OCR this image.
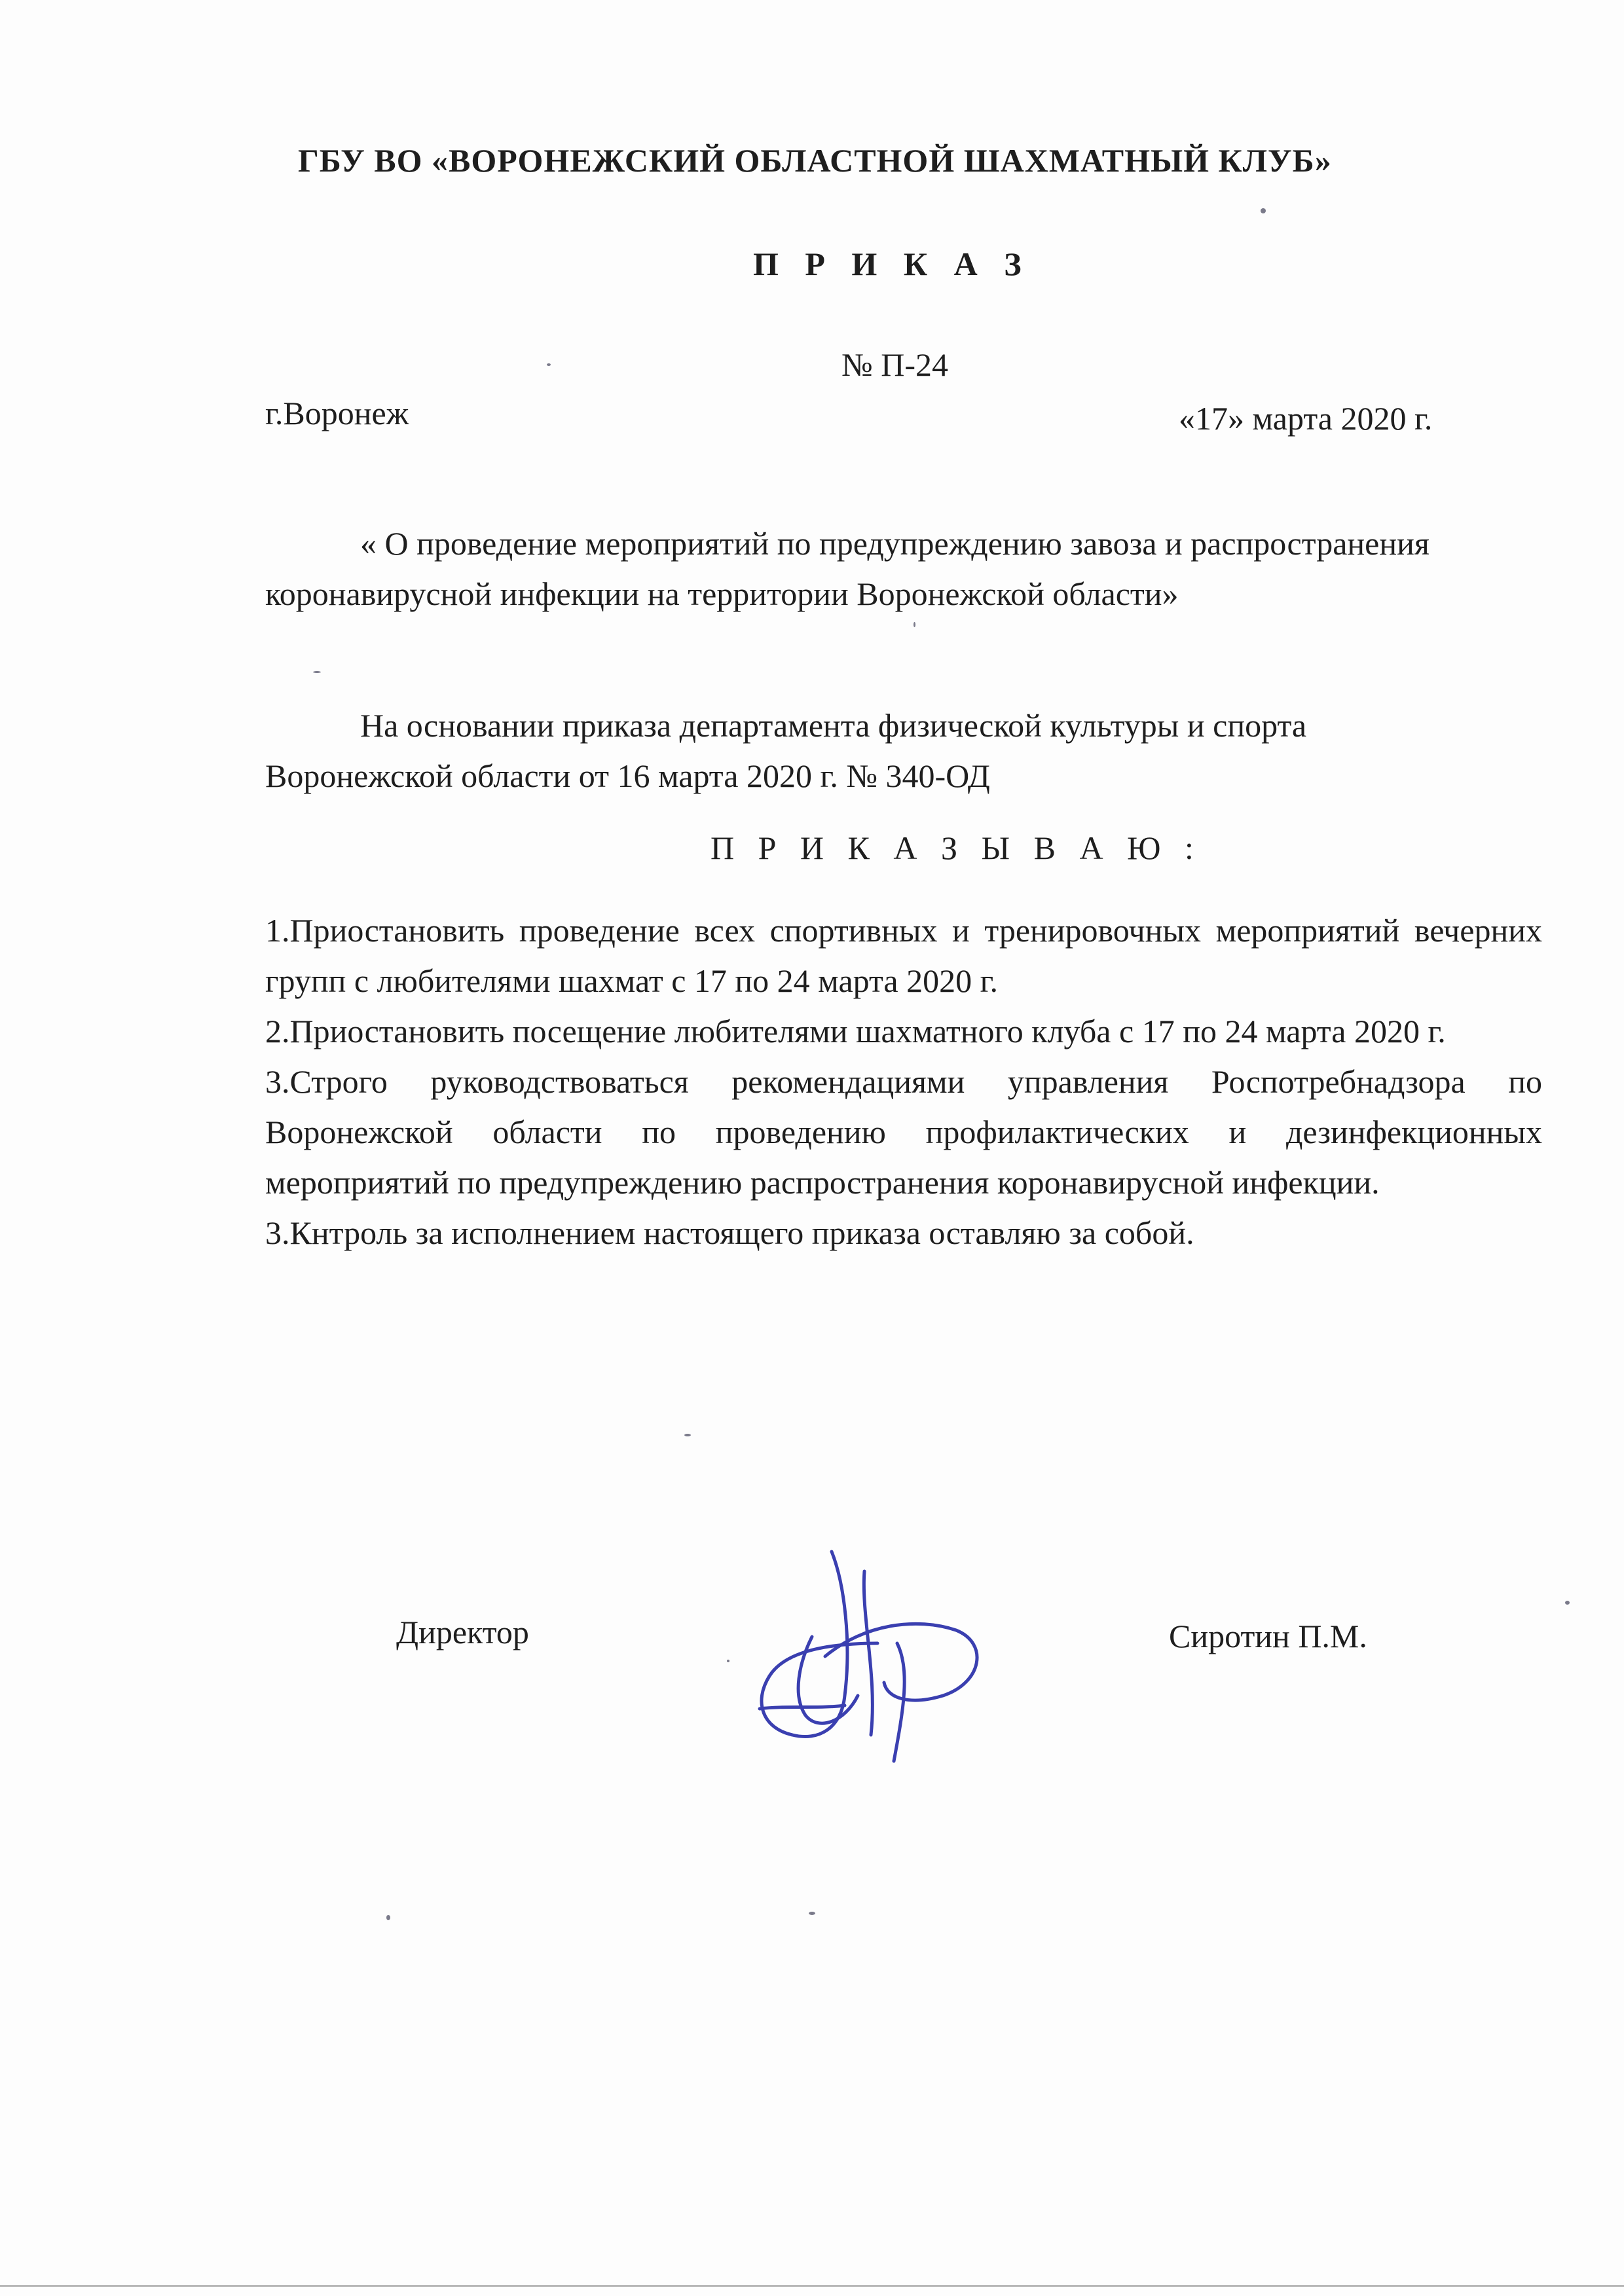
ГБУ ВО «ВОРОНЕЖСКИЙ ОБЛАСТНОЙ ШАХМАТНЫЙ КЛУБ»
П Р И К А З
№ П-24
г.Воронеж	«17» марта 2020 г.
« О проведение мероприятий по предупреждению завоза и распространения коронавирусной инфекции на территории Воронежской области»
На основании приказа департамента физической культуры и спорта Воронежской области от 16 марта 2020 г. № 340-ОД
П Р И К А З Ы В А Ю :
1.Приостановить проведение всех спортивных и тренировочных мероприятий вечерних групп с любителями шахмат с 17 по 24 марта 2020 г.
2.Приостановить посещение любителями шахматного клуба с 17 по 24 марта 2020 г.
3.Строго руководствоваться рекомендациями управления Роспотребнадзора по Воронежской области по проведению профилактических и дезинфекционных мероприятий по предупреждению распространения коронавирусной инфекции.
3.Кнтроль за исполнением настоящего приказа оставляю за собой.
Директор	Сиротин П.М.
